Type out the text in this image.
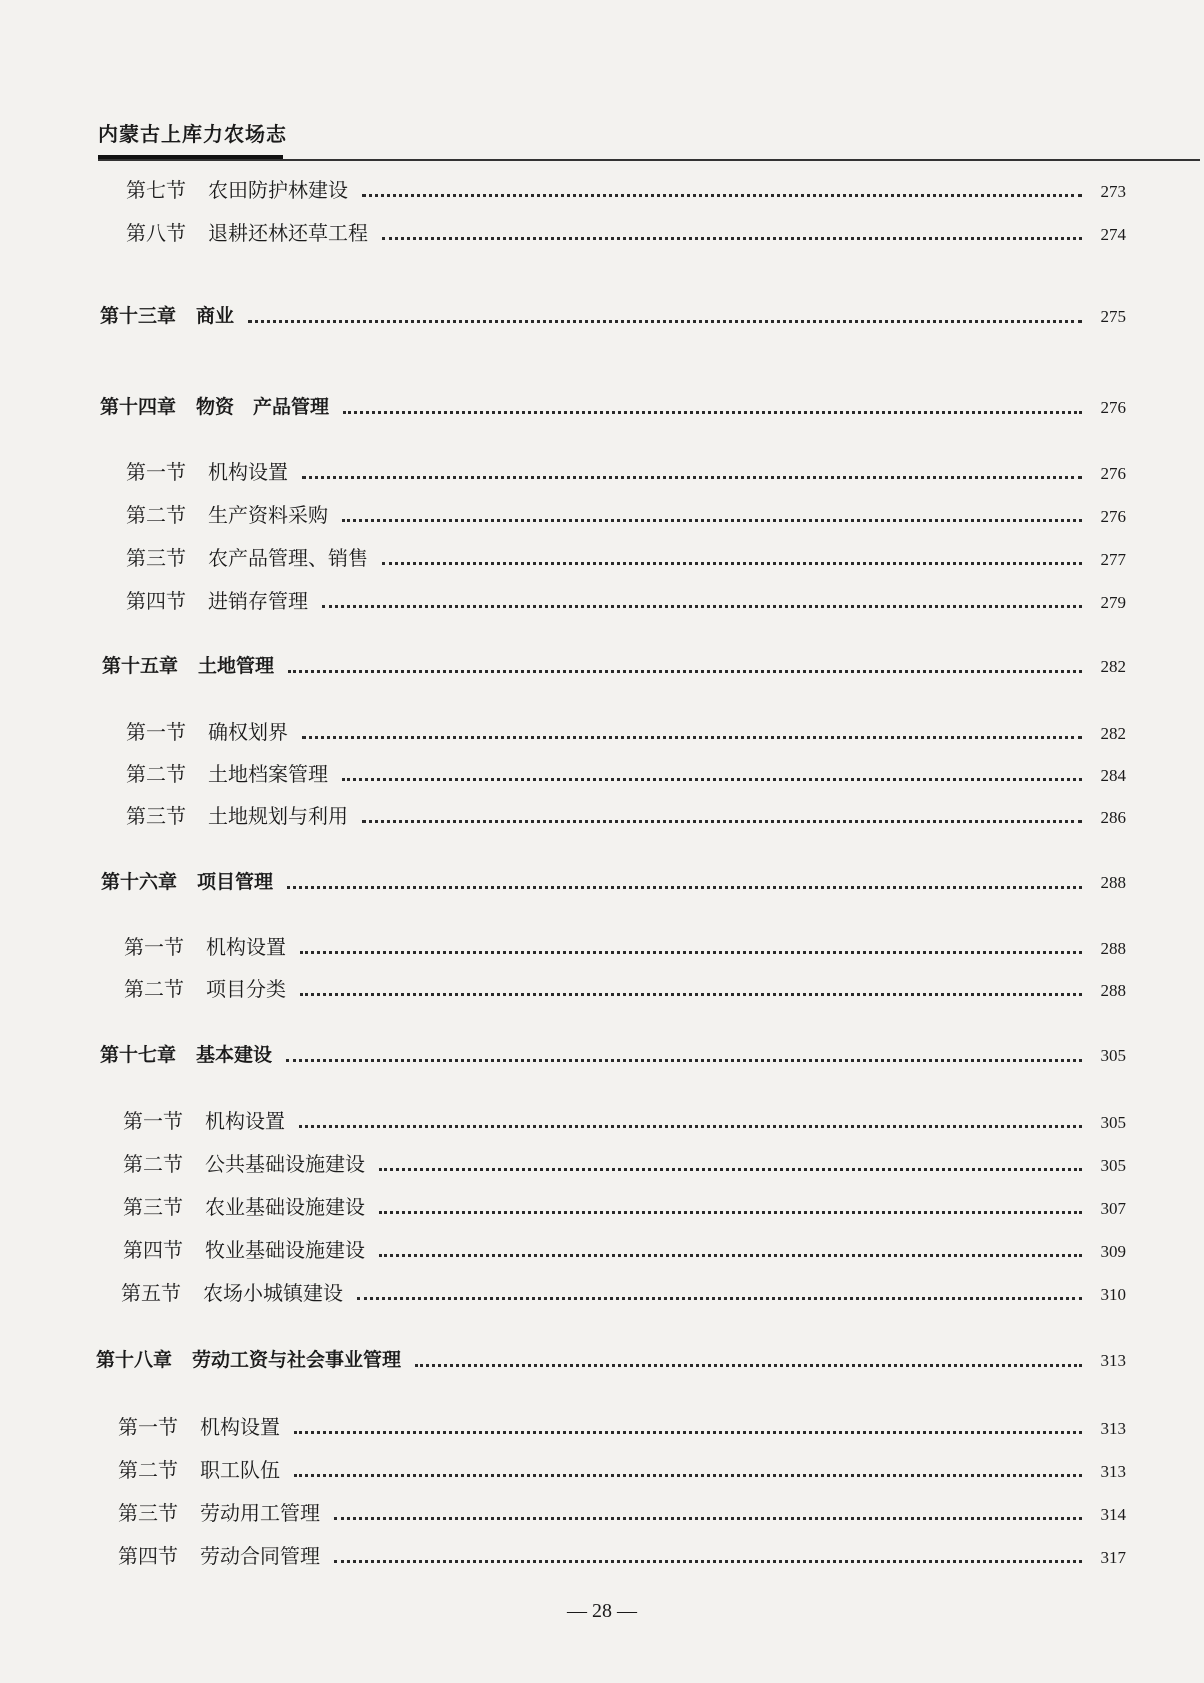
内蒙古上库力农场志
第七节 农田防护林建设	273
第八节 退耕还林还草工程	274
第十三章 商业	275
第十四章 物资　产品管理	276
第一节 机构设置	276
第二节 生产资料采购	276
第三节 农产品管理、销售	277
第四节 进销存管理	279
第十五章 土地管理	282
第一节 确权划界	282
第二节 土地档案管理	284
第三节 土地规划与利用	286
第十六章 项目管理	288
第一节 机构设置	288
第二节 项目分类	288
第十七章 基本建设	305
第一节 机构设置	305
第二节 公共基础设施建设	305
第三节 农业基础设施建设	307
第四节 牧业基础设施建设	309
第五节 农场小城镇建设	310
第十八章 劳动工资与社会事业管理	313
第一节 机构设置	313
第二节 职工队伍	313
第三节 劳动用工管理	314
第四节 劳动合同管理	317
— 28 —
